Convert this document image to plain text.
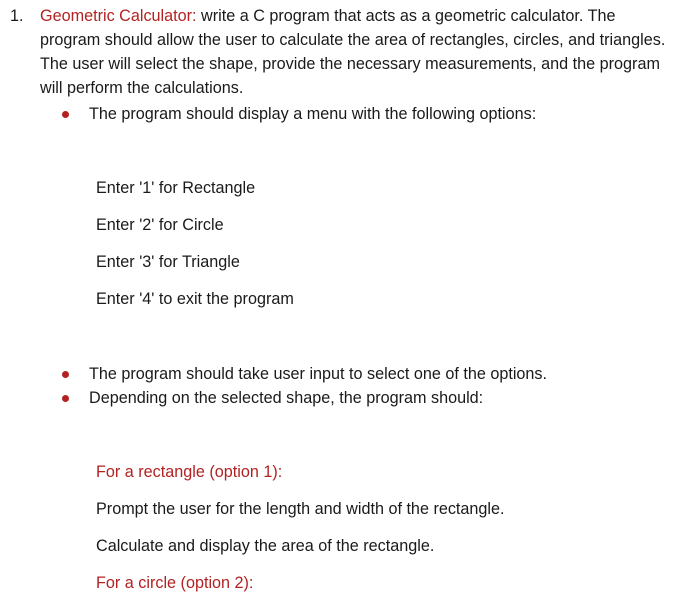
1. Geometric Calculator: write a C program that acts as a geometric calculator. The
program should allow the user to calculate the area of rectangles, circles, and triangles.
The user will select the shape, provide the necessary measurements, and the program
will perform the calculations.
The program should display a menu with the following options:
Enter '1' for Rectangle
Enter '2' for Circle
Enter '3' for Triangle
Enter '4' to exit the program
The program should take user input to select one of the options.
Depending on the selected shape, the program should:
For a rectangle (option 1):
Prompt the user for the length and width of the rectangle.
Calculate and display the area of the rectangle.
For a circle (option 2):
